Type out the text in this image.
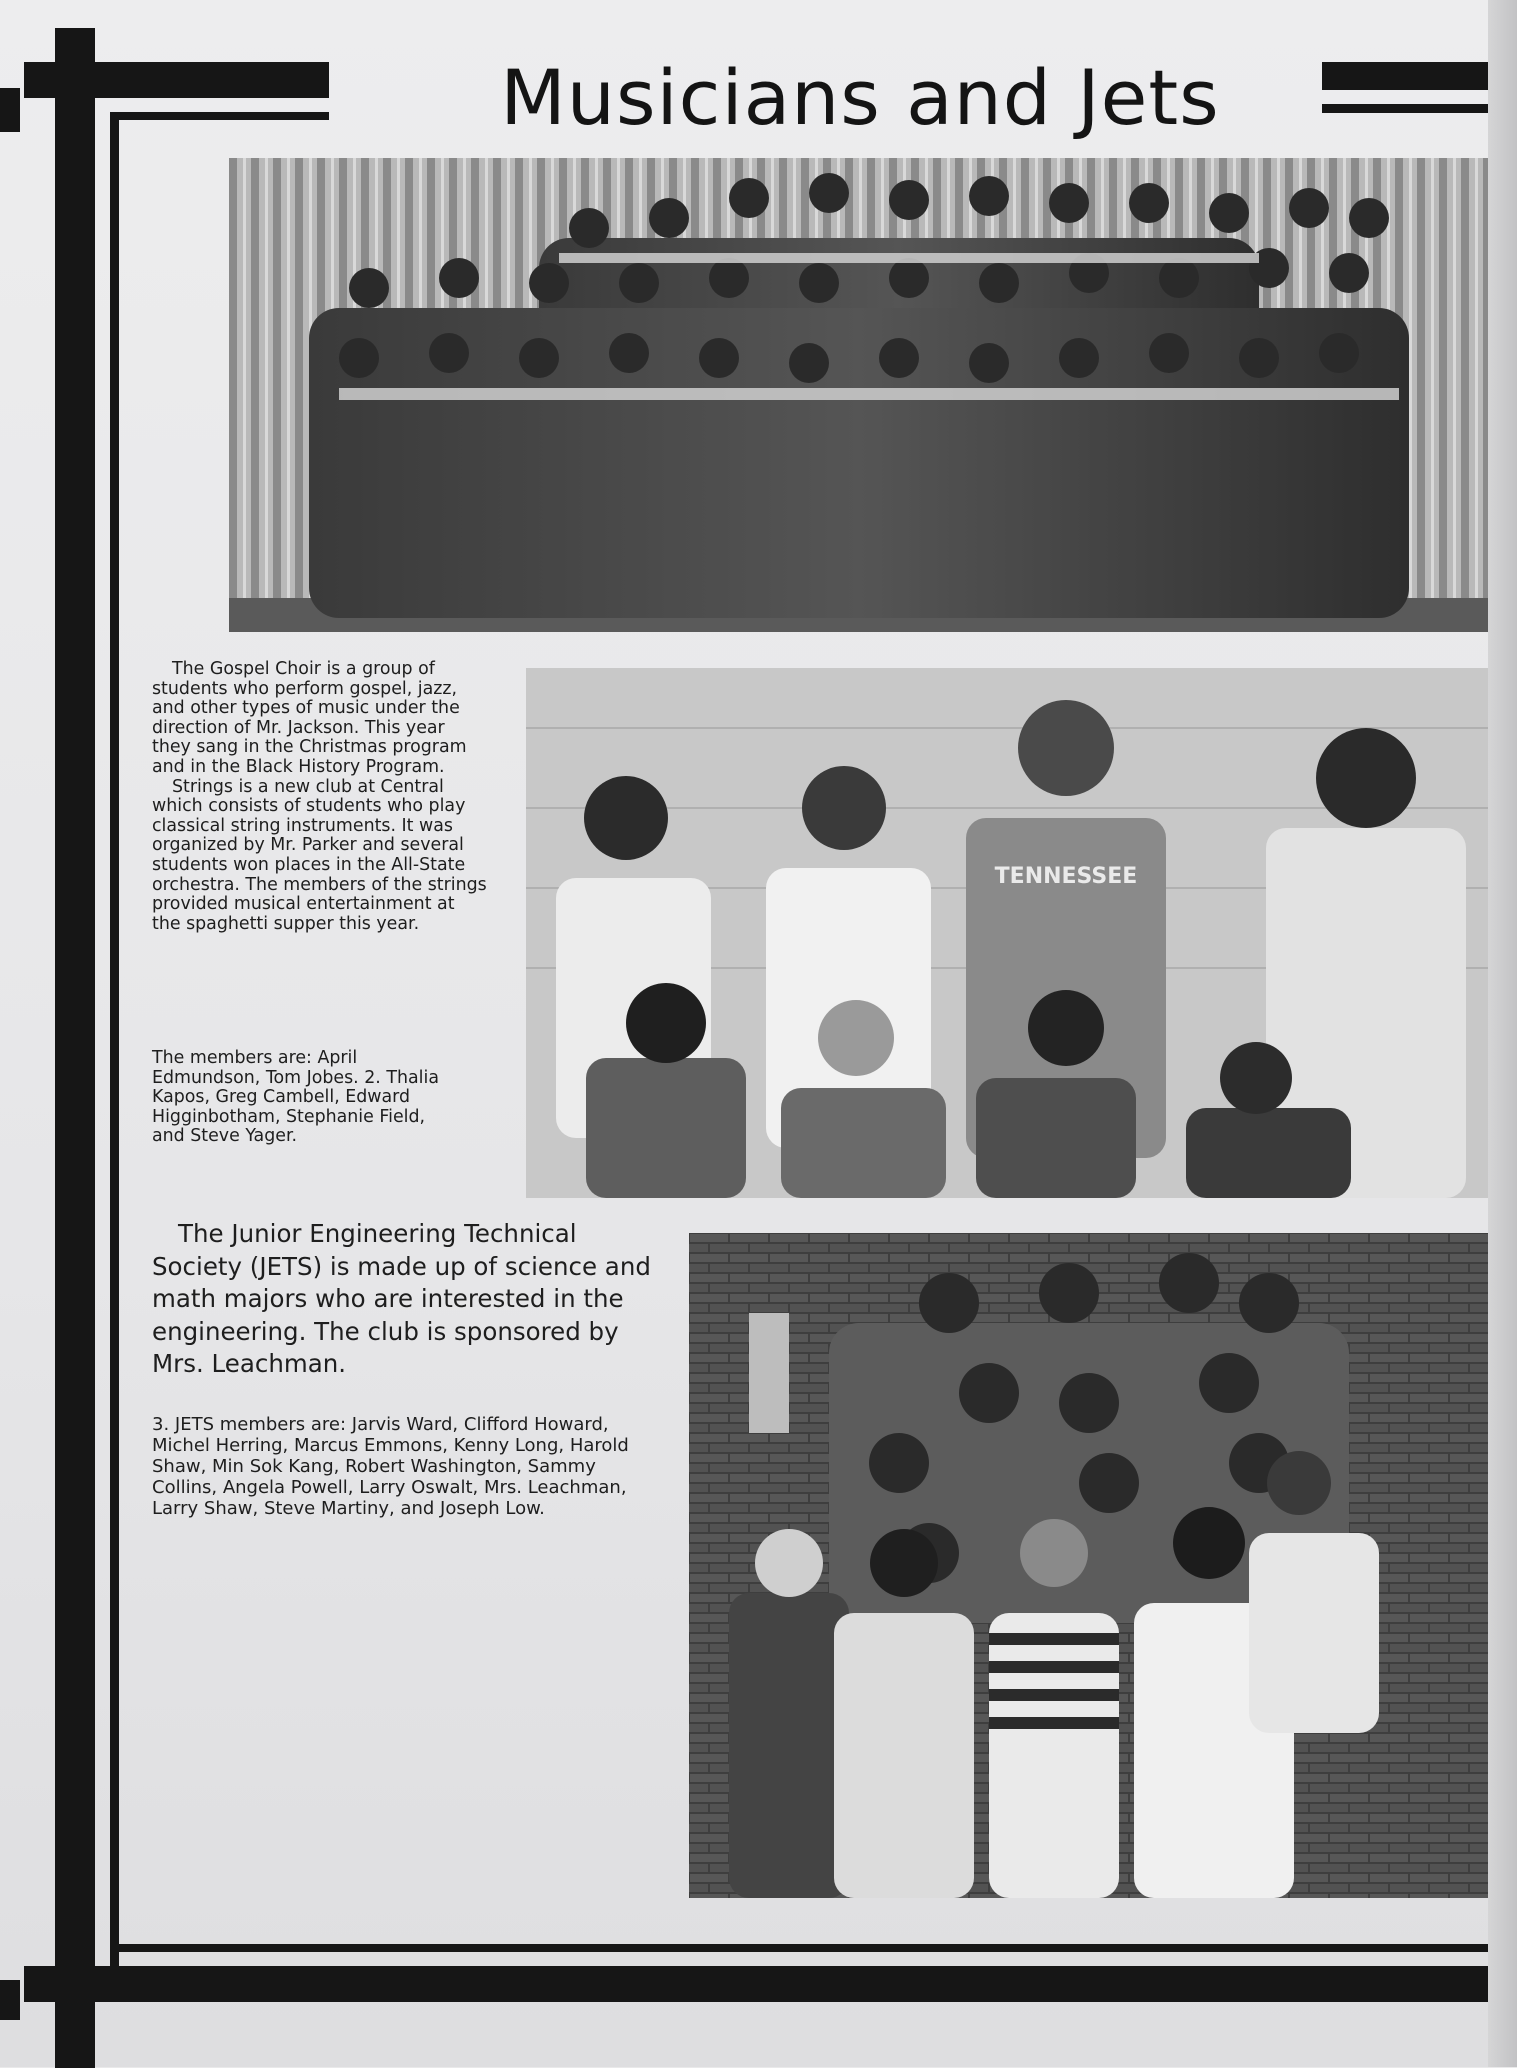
Musicians and Jets

The Gospel Choir is a group of students who perform gospel, jazz, and other types of music under the direction of Mr. Jackson. This year they sang in the Christmas program and in the Black History Program.

Strings is a new club at Central which consists of students who play classical string instruments. It was organized by Mr. Parker and several students won places in the All-State orchestra. The members of the strings provided musical entertainment at the spaghetti supper this year.

The members are: April Edmundson, Tom Jobes. 2. Thalia Kapos, Greg Cambell, Edward Higginbotham, Stephanie Field, and Steve Yager.
TENNESSEE

The Junior Engineering Technical Society (JETS) is made up of science and math majors who are interested in the engineering. The club is sponsored by Mrs. Leachman.

3. JETS members are: Jarvis Ward, Clifford Howard, Michel Herring, Marcus Emmons, Kenny Long, Harold Shaw, Min Sok Kang, Robert Washington, Sammy Collins, Angela Powell, Larry Oswalt, Mrs. Leachman, Larry Shaw, Steve Martiny, and Joseph Low.
